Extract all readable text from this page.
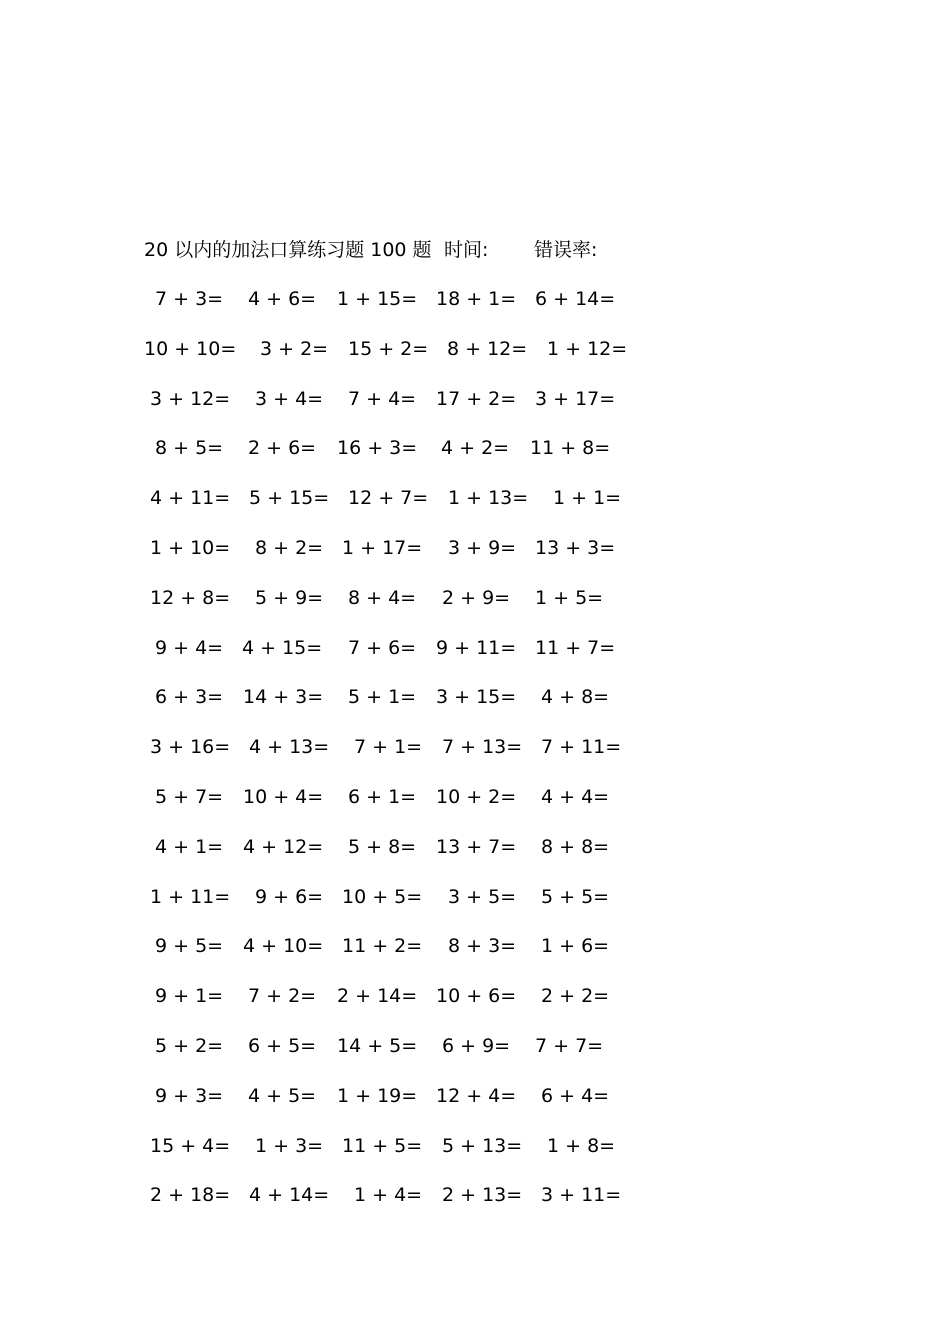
20 以内的加法口算练习题 100 题 时间: 错误率:
7 + 3= 4 + 6= 1 + 15= 18 + 1= 6 + 14=
10 + 10= 3 + 2= 15 + 2= 8 + 12= 1 + 12=
3 + 12= 3 + 4= 7 + 4= 17 + 2= 3 + 17=
8 + 5= 2 + 6= 16 + 3= 4 + 2= 11 + 8=
4 + 11= 5 + 15= 12 + 7= 1 + 13= 1 + 1=
1 + 10= 8 + 2= 1 + 17= 3 + 9= 13 + 3=
12 + 8= 5 + 9= 8 + 4= 2 + 9= 1 + 5=
9 + 4= 4 + 15= 7 + 6= 9 + 11= 11 + 7=
6 + 3= 14 + 3= 5 + 1= 3 + 15= 4 + 8=
3 + 16= 4 + 13= 7 + 1= 7 + 13= 7 + 11=
5 + 7= 10 + 4= 6 + 1= 10 + 2= 4 + 4=
4 + 1= 4 + 12= 5 + 8= 13 + 7= 8 + 8=
1 + 11= 9 + 6= 10 + 5= 3 + 5= 5 + 5=
9 + 5= 4 + 10= 11 + 2= 8 + 3= 1 + 6=
9 + 1= 7 + 2= 2 + 14= 10 + 6= 2 + 2=
5 + 2= 6 + 5= 14 + 5= 6 + 9= 7 + 7=
9 + 3= 4 + 5= 1 + 19= 12 + 4= 6 + 4=
15 + 4= 1 + 3= 11 + 5= 5 + 13= 1 + 8=
2 + 18= 4 + 14= 1 + 4= 2 + 13= 3 + 11=
